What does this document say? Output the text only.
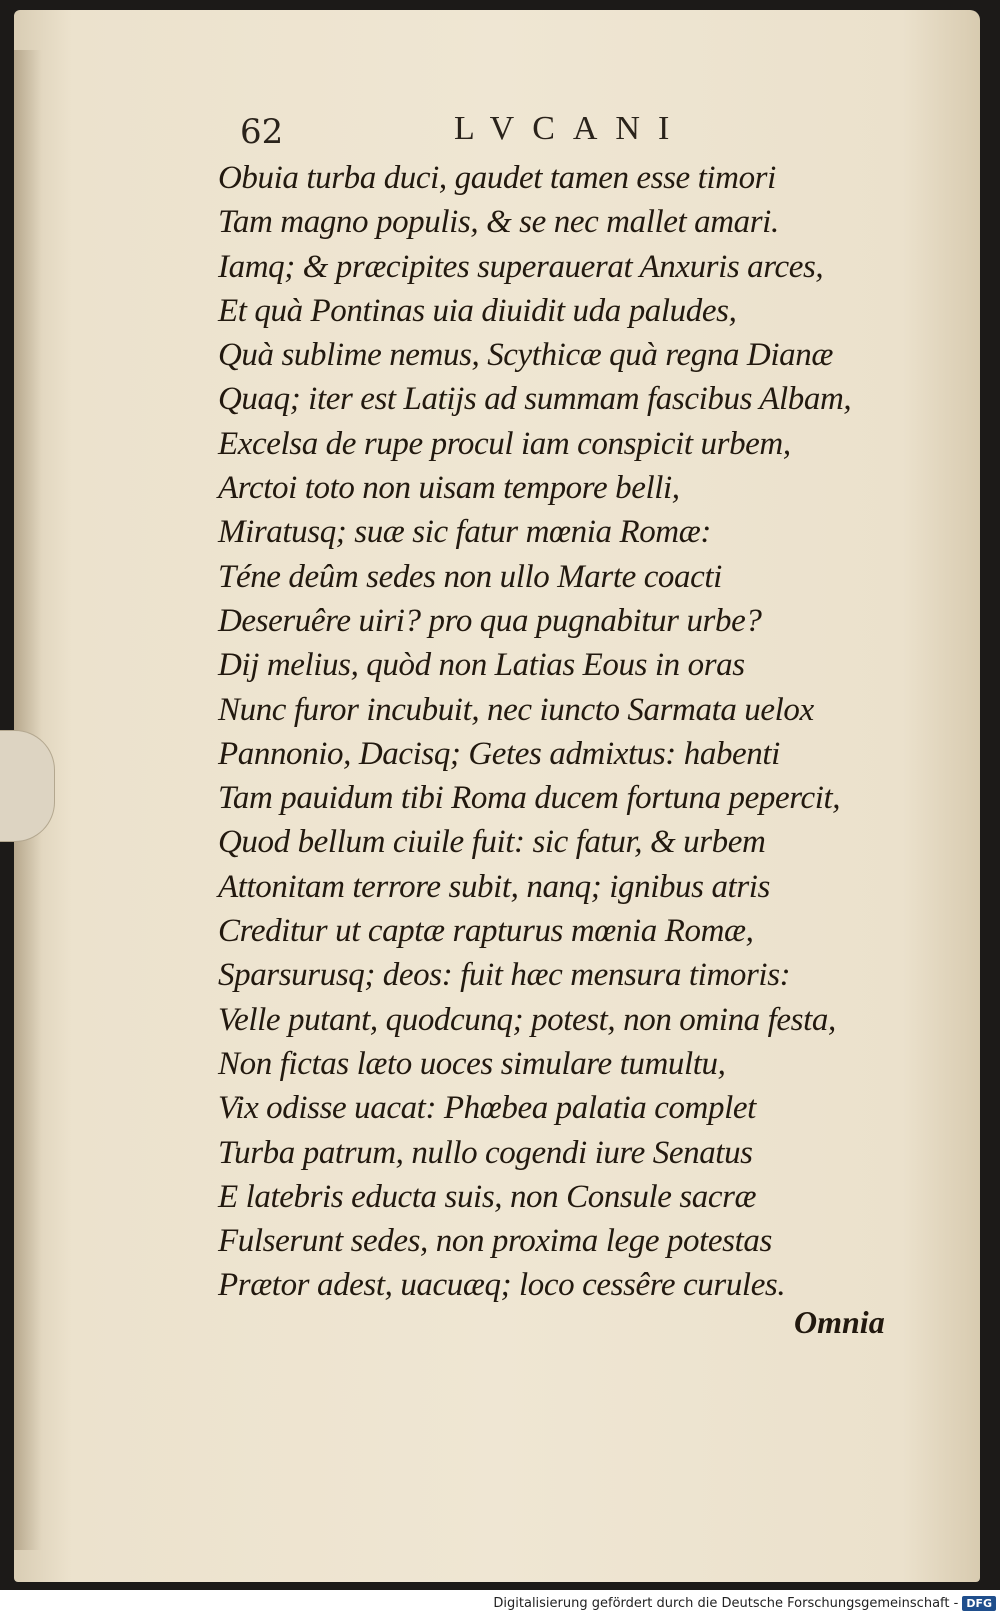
62	LVCANI
Obuia turba duci, gaudet tamen esse timori
Tam magno populis, & se nec mallet amari.
Iamq; & præcipites superauerat Anxuris arces,
Et quà Pontinas uia diuidit uda paludes,
Quà sublime nemus, Scythicæ quà regna Dianæ
Quaq; iter est Latijs ad summam fascibus Albam,
Excelsa de rupe procul iam conspicit urbem,
Arctoi toto non uisam tempore belli,
Miratusq; suæ sic fatur mœnia Romæ:
Téne deûm sedes non ullo Marte coacti
Deseruêre uiri? pro qua pugnabitur urbe?
Dij melius, quòd non Latias Eous in oras
Nunc furor incubuit, nec iuncto Sarmata uelox
Pannonio, Dacisq; Getes admixtus: habenti
Tam pauidum tibi Roma ducem fortuna pepercit,
Quod bellum ciuile fuit: sic fatur, & urbem
Attonitam terrore subit, nanq; ignibus atris
Creditur ut captæ rapturus mœnia Romæ,
Sparsurusq; deos: fuit hæc mensura timoris:
Velle putant, quodcunq; potest, non omina festa,
Non fictas læto uoces simulare tumultu,
Vix odisse uacat: Phœbea palatia complet
Turba patrum, nullo cogendi iure Senatus
E latebris educta suis, non Consule sacræ
Fulserunt sedes, non proxima lege potestas
Prætor adest, uacuæq; loco cessêre curules.
Omnia
Digitalisierung gefördert durch die Deutsche Forschungsgemeinschaft - DFG
